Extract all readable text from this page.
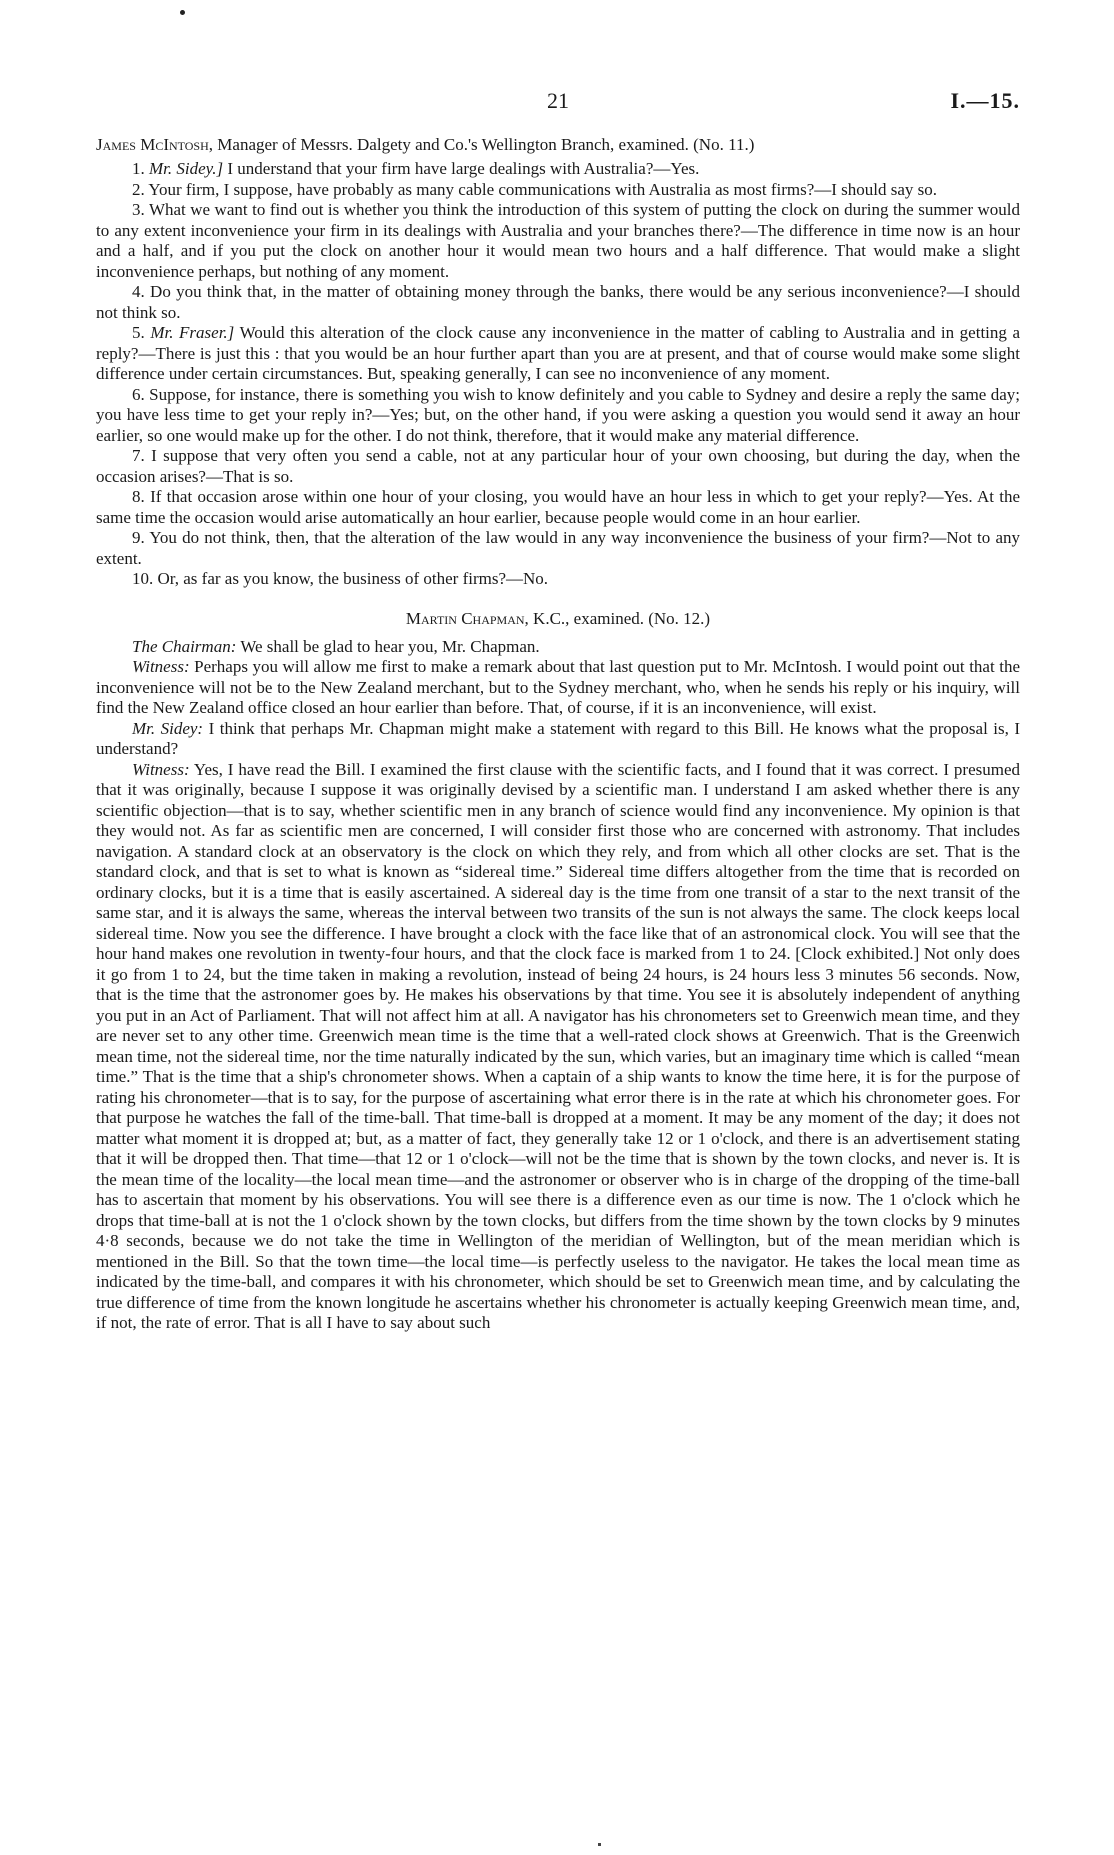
21	I.—15.

James McIntosh, Manager of Messrs. Dalgety and Co.'s Wellington Branch, examined. (No. 11.)

1. Mr. Sidey.] I understand that your firm have large dealings with Australia?—Yes.

2. Your firm, I suppose, have probably as many cable communications with Australia as most firms?—I should say so.

3. What we want to find out is whether you think the introduction of this system of putting the clock on during the summer would to any extent inconvenience your firm in its dealings with Australia and your branches there?—The difference in time now is an hour and a half, and if you put the clock on another hour it would mean two hours and a half difference. That would make a slight inconvenience perhaps, but nothing of any moment.

4. Do you think that, in the matter of obtaining money through the banks, there would be any serious inconvenience?—I should not think so.

5. Mr. Fraser.] Would this alteration of the clock cause any inconvenience in the matter of cabling to Australia and in getting a reply?—There is just this : that you would be an hour further apart than you are at present, and that of course would make some slight difference under certain circumstances. But, speaking generally, I can see no inconvenience of any moment.

6. Suppose, for instance, there is something you wish to know definitely and you cable to Sydney and desire a reply the same day; you have less time to get your reply in?—Yes; but, on the other hand, if you were asking a question you would send it away an hour earlier, so one would make up for the other. I do not think, therefore, that it would make any material difference.

7. I suppose that very often you send a cable, not at any particular hour of your own choosing, but during the day, when the occasion arises?—That is so.

8. If that occasion arose within one hour of your closing, you would have an hour less in which to get your reply?—Yes. At the same time the occasion would arise automatically an hour earlier, because people would come in an hour earlier.

9. You do not think, then, that the alteration of the law would in any way inconvenience the business of your firm?—Not to any extent.

10. Or, as far as you know, the business of other firms?—No.

Martin Chapman, K.C., examined. (No. 12.)

The Chairman: We shall be glad to hear you, Mr. Chapman.

Witness: Perhaps you will allow me first to make a remark about that last question put to Mr. McIntosh. I would point out that the inconvenience will not be to the New Zealand merchant, but to the Sydney merchant, who, when he sends his reply or his inquiry, will find the New Zealand office closed an hour earlier than before. That, of course, if it is an inconvenience, will exist.

Mr. Sidey: I think that perhaps Mr. Chapman might make a statement with regard to this Bill. He knows what the proposal is, I understand?

Witness: Yes, I have read the Bill. I examined the first clause with the scientific facts, and I found that it was correct. I presumed that it was originally, because I suppose it was originally devised by a scientific man. I understand I am asked whether there is any scientific objection—that is to say, whether scientific men in any branch of science would find any inconvenience. My opinion is that they would not. As far as scientific men are concerned, I will consider first those who are concerned with astronomy. That includes navigation. A standard clock at an observatory is the clock on which they rely, and from which all other clocks are set. That is the standard clock, and that is set to what is known as “sidereal time.” Sidereal time differs altogether from the time that is recorded on ordinary clocks, but it is a time that is easily ascertained. A sidereal day is the time from one transit of a star to the next transit of the same star, and it is always the same, whereas the interval between two transits of the sun is not always the same. The clock keeps local sidereal time. Now you see the difference. I have brought a clock with the face like that of an astronomical clock. You will see that the hour hand makes one revolution in twenty-four hours, and that the clock face is marked from 1 to 24. [Clock exhibited.] Not only does it go from 1 to 24, but the time taken in making a revolution, instead of being 24 hours, is 24 hours less 3 minutes 56 seconds. Now, that is the time that the astronomer goes by. He makes his observations by that time. You see it is absolutely independent of anything you put in an Act of Parliament. That will not affect him at all. A navigator has his chronometers set to Greenwich mean time, and they are never set to any other time. Greenwich mean time is the time that a well-rated clock shows at Greenwich. That is the Greenwich mean time, not the sidereal time, nor the time naturally indicated by the sun, which varies, but an imaginary time which is called “mean time.” That is the time that a ship's chronometer shows. When a captain of a ship wants to know the time here, it is for the purpose of rating his chronometer—that is to say, for the purpose of ascertaining what error there is in the rate at which his chronometer goes. For that purpose he watches the fall of the time-ball. That time-ball is dropped at a moment. It may be any moment of the day; it does not matter what moment it is dropped at; but, as a matter of fact, they generally take 12 or 1 o'clock, and there is an advertisement stating that it will be dropped then. That time—that 12 or 1 o'clock—will not be the time that is shown by the town clocks, and never is. It is the mean time of the locality—the local mean time—and the astronomer or observer who is in charge of the dropping of the time-ball has to ascertain that moment by his observations. You will see there is a difference even as our time is now. The 1 o'clock which he drops that time-ball at is not the 1 o'clock shown by the town clocks, but differs from the time shown by the town clocks by 9 minutes 4·8 seconds, because we do not take the time in Wellington of the meridian of Wellington, but of the mean meridian which is mentioned in the Bill. So that the town time—the local time—is perfectly useless to the navigator. He takes the local mean time as indicated by the time-ball, and compares it with his chronometer, which should be set to Greenwich mean time, and by calculating the true difference of time from the known longitude he ascertains whether his chronometer is actually keeping Greenwich mean time, and, if not, the rate of error. That is all I have to say about such
